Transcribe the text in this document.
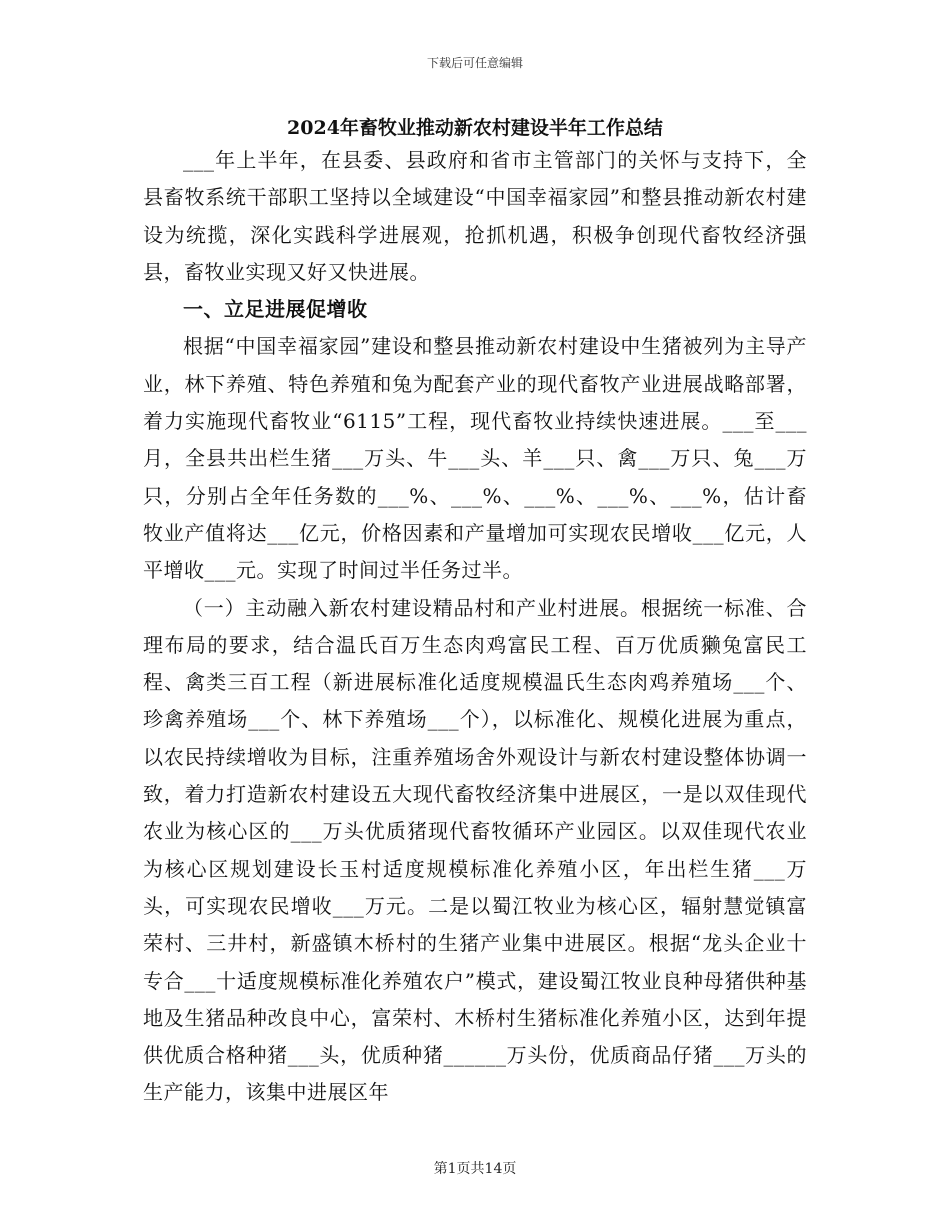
下载后可任意编辑
2024年畜牧业推动新农村建设半年工作总结

___年上半年，在县委、县政府和省市主管部门的关怀与支持下，全县畜牧系统干部职工坚持以全域建设“中国幸福家园”和整县推动新农村建设为统揽，深化实践科学进展观，抢抓机遇，积极争创现代畜牧经济强县，畜牧业实现又好又快进展。

一、立足进展促增收

根据“中国幸福家园”建设和整县推动新农村建设中生猪被列为主导产业，林下养殖、特色养殖和兔为配套产业的现代畜牧产业进展战略部署，着力实施现代畜牧业“6115”工程，现代畜牧业持续快速进展。___至___月，全县共出栏生猪___万头、牛___头、羊___只、禽___万只、兔___万只，分别占全年任务数的___%、___%、___%、___%、___%，估计畜牧业产值将达___亿元，价格因素和产量增加可实现农民增收___亿元，人平增收___元。实现了时间过半任务过半。

（一）主动融入新农村建设精品村和产业村进展。根据统一标准、合理布局的要求，结合温氏百万生态肉鸡富民工程、百万优质獭兔富民工程、禽类三百工程（新进展标准化适度规模温氏生态肉鸡养殖场___个、珍禽养殖场___个、林下养殖场___个），以标准化、规模化进展为重点，以农民持续增收为目标，注重养殖场舍外观设计与新农村建设整体协调一致，着力打造新农村建设五大现代畜牧经济集中进展区，一是以双佳现代农业为核心区的___万头优质猪现代畜牧循环产业园区。以双佳现代农业为核心区规划建设长玉村适度规模标准化养殖小区，年出栏生猪___万头，可实现农民增收___万元。二是以蜀江牧业为核心区，辐射慧觉镇富荣村、三井村，新盛镇木桥村的生猪产业集中进展区。根据“龙头企业十专合___十适度规模标准化养殖农户”模式，建设蜀江牧业良种母猪供种基地及生猪品种改良中心，富荣村、木桥村生猪标准化养殖小区，达到年提供优质合格种猪___头，优质种猪______万头份，优质商品仔猪___万头的生产能力，该集中进展区年

第1页共14页
